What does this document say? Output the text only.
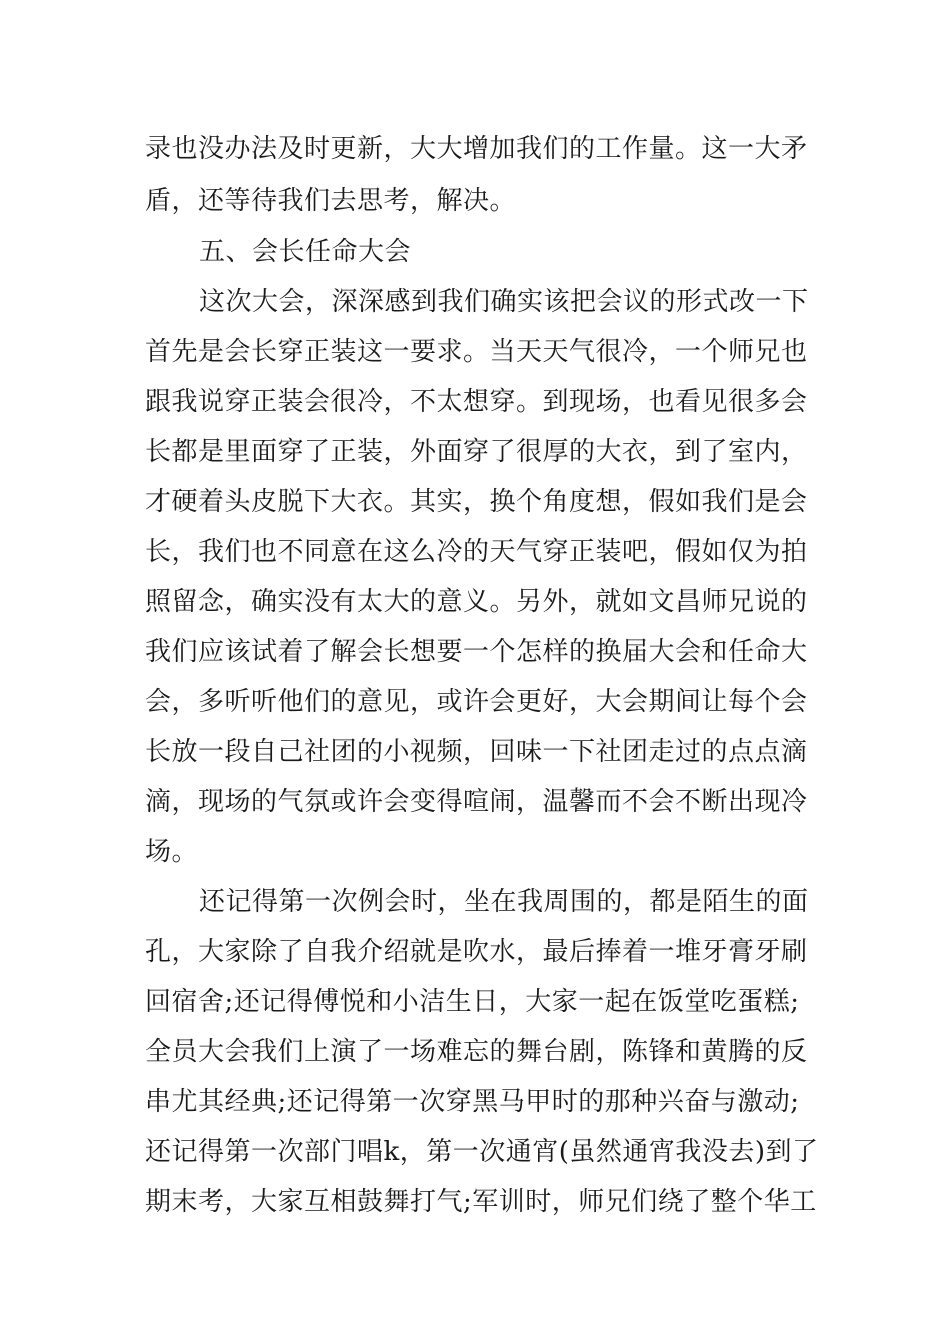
录也没办法及时更新，大大增加我们的工作量。这一大矛
盾，还等待我们去思考，解决。
五、会长任命大会
这次大会，深深感到我们确实该把会议的形式改一下
首先是会长穿正装这一要求。当天天气很冷，一个师兄也
跟我说穿正装会很冷，不太想穿。到现场，也看见很多会
长都是里面穿了正装，外面穿了很厚的大衣，到了室内，
才硬着头皮脱下大衣。其实，换个角度想，假如我们是会
长，我们也不同意在这么冷的天气穿正装吧，假如仅为拍
照留念，确实没有太大的意义。另外，就如文昌师兄说的
我们应该试着了解会长想要一个怎样的换届大会和任命大
会，多听听他们的意见，或许会更好，大会期间让每个会
长放一段自己社团的小视频，回味一下社团走过的点点滴
滴，现场的气氛或许会变得喧闹，温馨而不会不断出现冷
场。
还记得第一次例会时，坐在我周围的，都是陌生的面
孔，大家除了自我介绍就是吹水，最后捧着一堆牙膏牙刷
回宿舍;还记得傅悦和小洁生日，大家一起在饭堂吃蛋糕;
全员大会我们上演了一场难忘的舞台剧，陈锋和黄腾的反
串尤其经典;还记得第一次穿黑马甲时的那种兴奋与激动;
还记得第一次部门唱k，第一次通宵(虽然通宵我没去)到了
期末考，大家互相鼓舞打气;军训时，师兄们绕了整个华工
